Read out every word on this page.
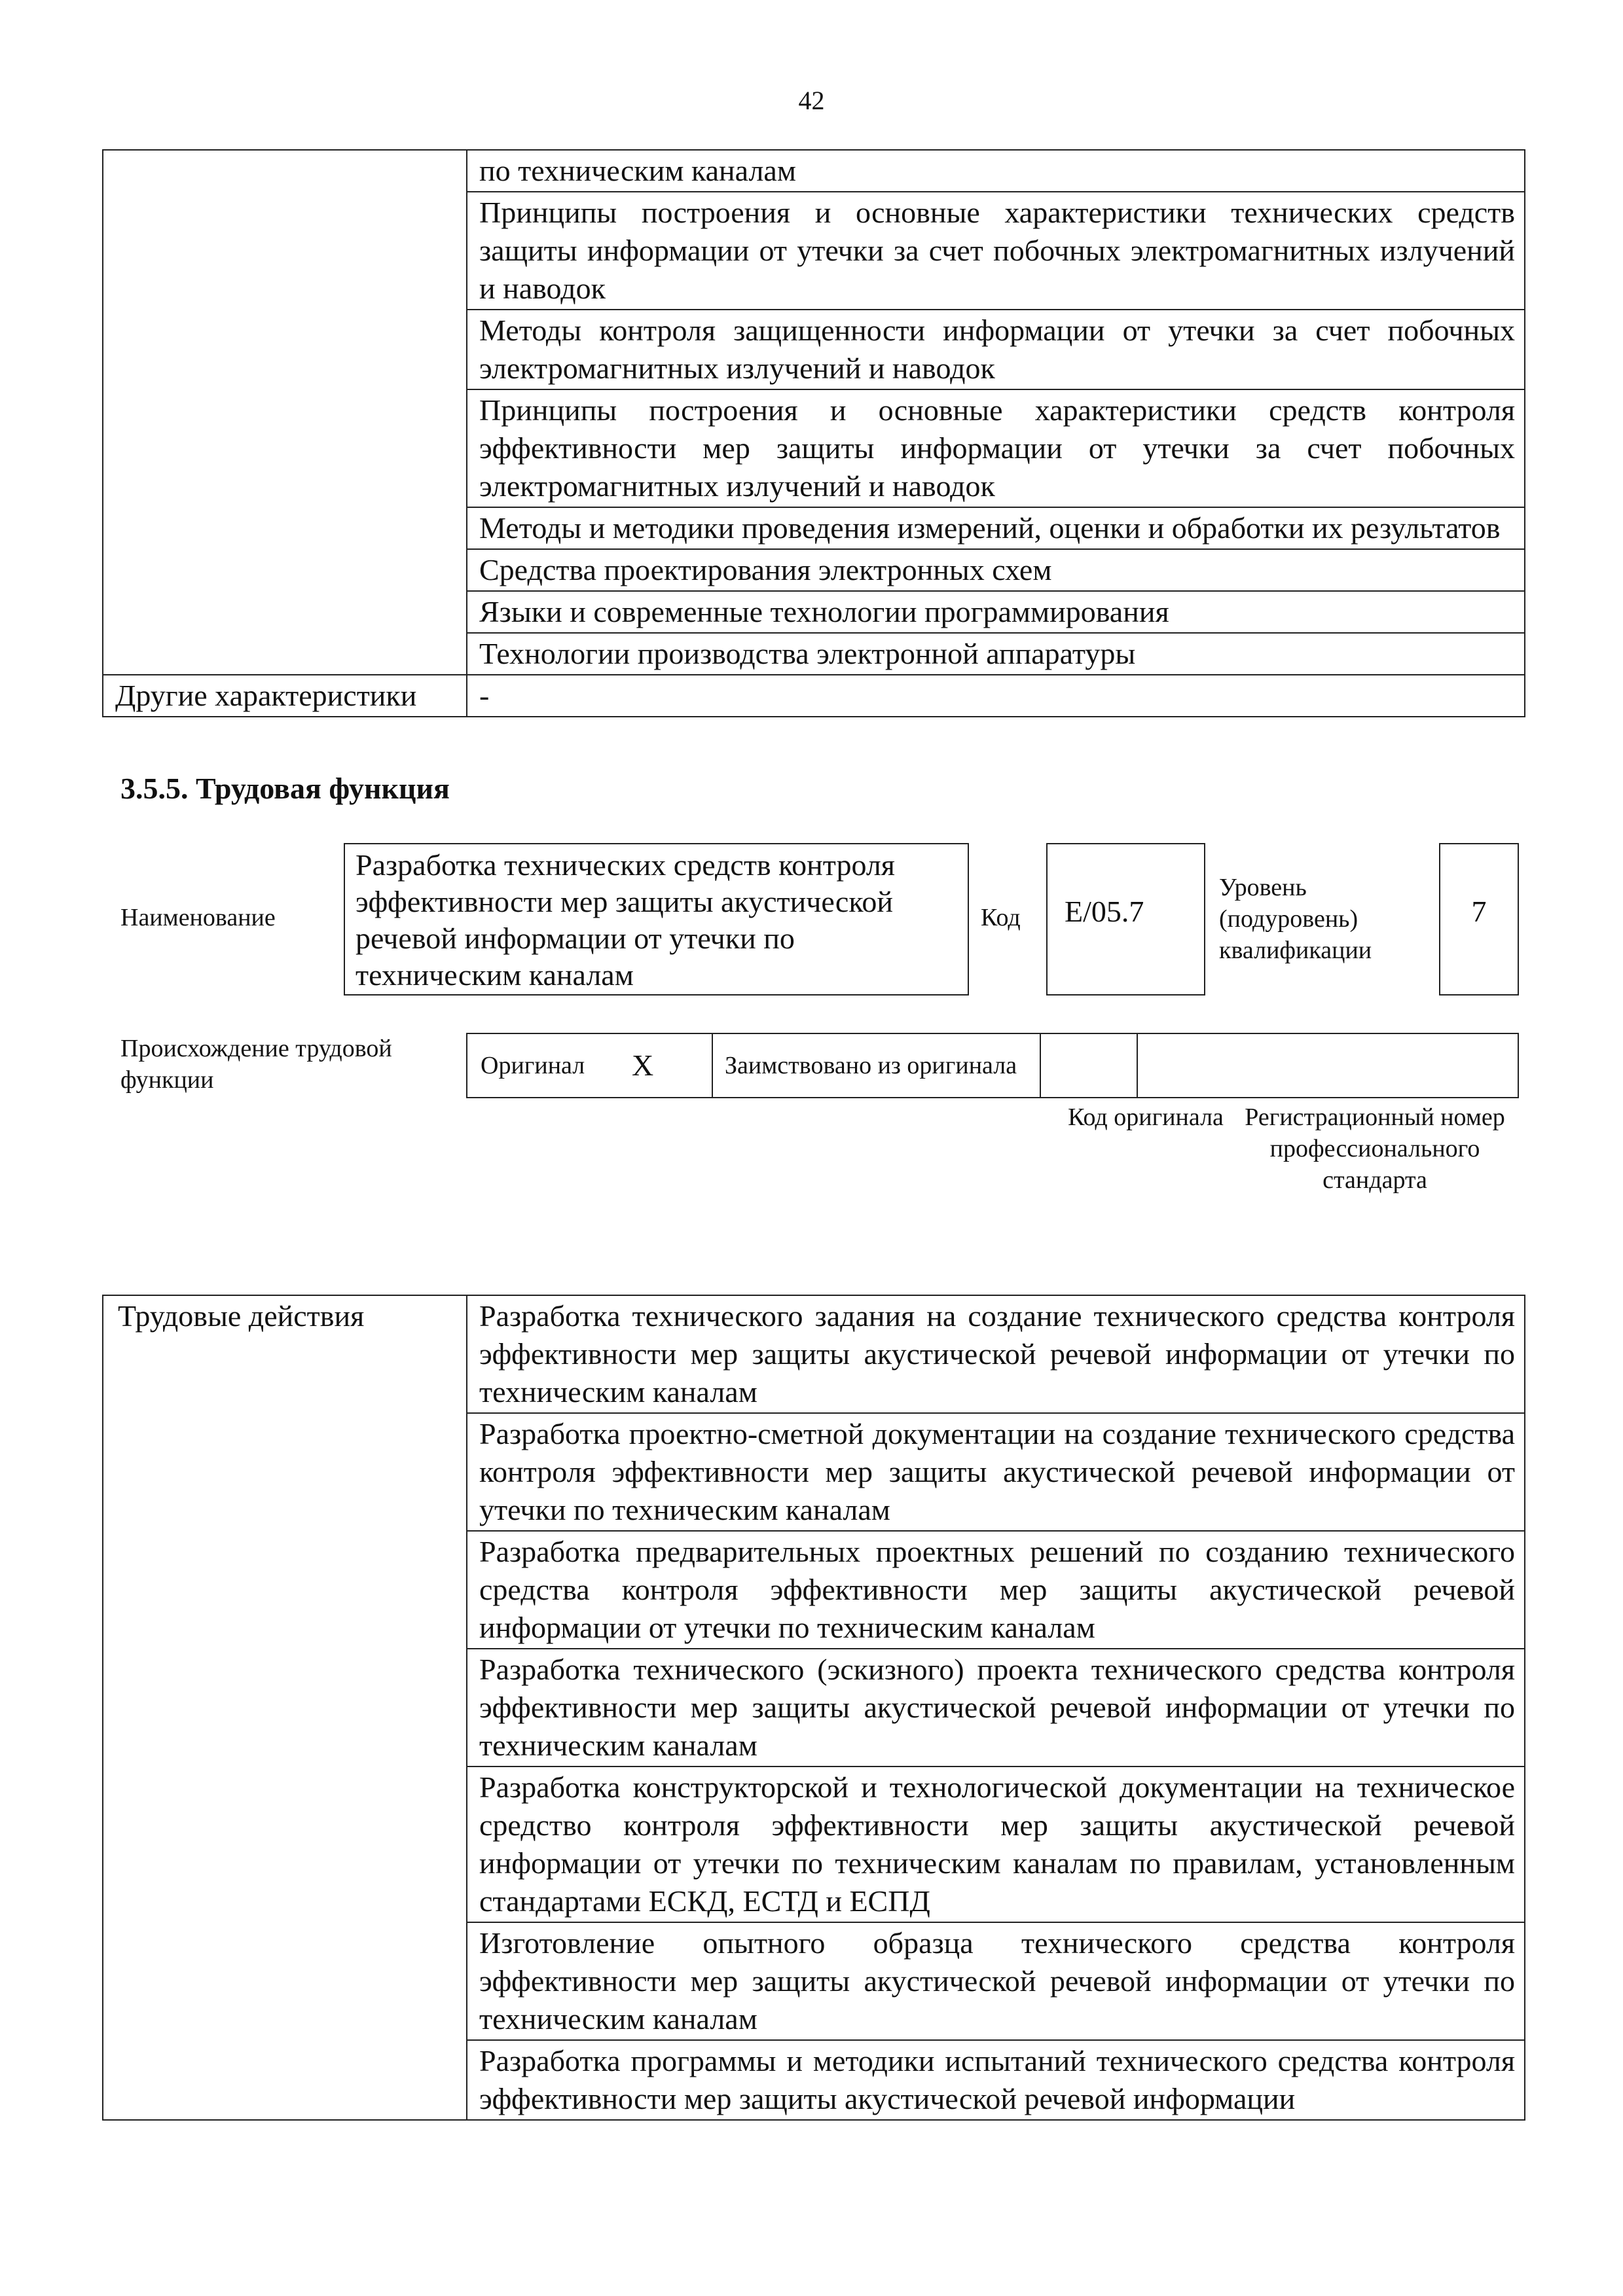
42
	по техническим каналам
	Принципы построения и основные характеристики технических средств защиты информации от утечки за счет побочных электромагнитных излучений и наводок
	Методы контроля защищенности информации от утечки за счет побочных электромагнитных излучений и наводок
	Принципы построения и основные характеристики средств контроля эффективности мер защиты информации от утечки за счет побочных электромагнитных излучений и наводок
	Методы и методики проведения измерений, оценки и обработки их результатов
	Средства проектирования электронных схем
	Языки и современные технологии программирования
	Технологии производства электронной аппаратуры
Другие характеристики	-
3.5.5. Трудовая функция
Наименование
Разработка технических средств контроля эффективности мер защиты акустической речевой информации от утечки по техническим каналам
Код E/05.7
Уровень (подуровень) квалификации
7
Происхождение трудовой функции
Оригинал	X	Заимствовано из оригинала		
Код оригинала Регистрационный номер профессионального стандарта
Трудовые действия	Разработка технического задания на создание технического средства контроля эффективности мер защиты акустической речевой информации от утечки по техническим каналам
Разработка проектно-сметной документации на создание технического средства контроля эффективности мер защиты акустической речевой информации от утечки по техническим каналам
Разработка предварительных проектных решений по созданию технического средства контроля эффективности мер защиты акустической речевой информации от утечки по техническим каналам
Разработка технического (эскизного) проекта технического средства контроля эффективности мер защиты акустической речевой информации от утечки по техническим каналам
Разработка конструкторской и технологической документации на техническое средство контроля эффективности мер защиты акустической речевой информации от утечки по техническим каналам по правилам, установленным стандартами ЕСКД, ЕСТД и ЕСПД
Изготовление опытного образца технического средства контроля эффективности мер защиты акустической речевой информации от утечки по техническим каналам
Разработка программы и методики испытаний технического средства контроля эффективности мер защиты акустической речевой информации
